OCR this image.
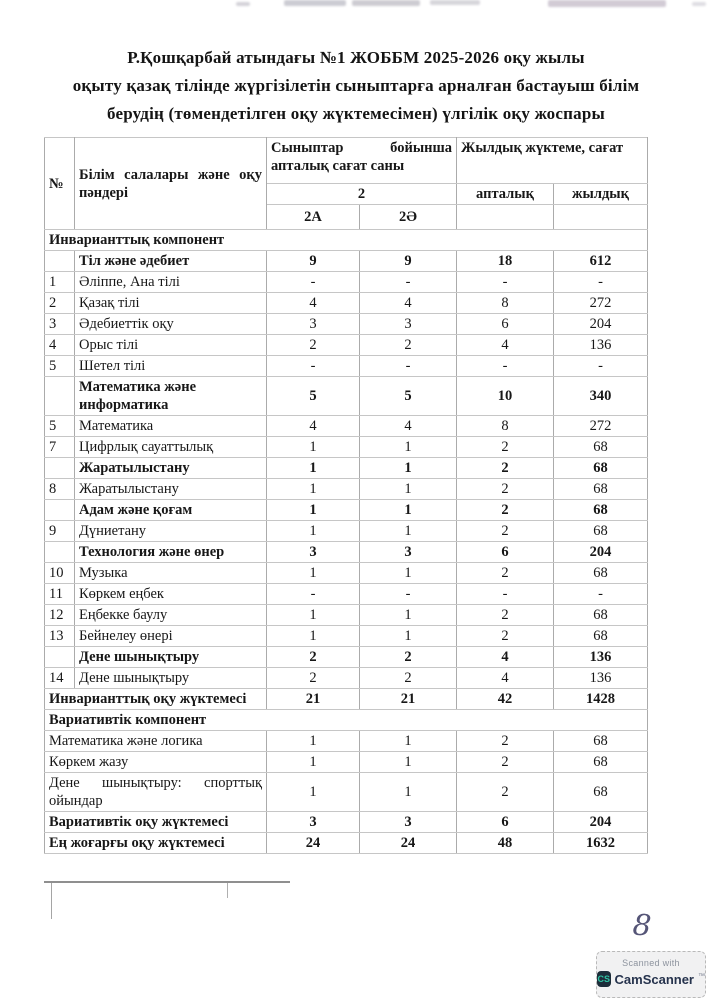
Р.Қошқарбай атындағы №1 ЖОББМ 2025-2026 оқу жылы
оқыту қазақ тілінде жүргізілетін сыныптарға арналған бастауыш білім
берудің (төмендетілген оқу жүктемесімен) үлгілік оқу жоспары
№	Білім салалары және оқу пәндері	Сыныптар бойынша апталық сағат саны		Жылдық жүктеме, сағат	
		2		апталық	жылдық
		2А	2Ә		
Инварианттық компонент					
	Тіл және әдебиет	9	9	18	612
1	Әліппе, Ана тілі	-	-	-	-
2	Қазақ тілі	4	4	8	272
3	Әдебиеттік оқу	3	3	6	204
4	Орыс тілі	2	2	4	136
5	Шетел тілі	-	-	-	-
	Математика және информатика	5	5	10	340
5	Математика	4	4	8	272
7	Цифрлық сауаттылық	1	1	2	68
	Жаратылыстану	1	1	2	68
8	Жаратылыстану	1	1	2	68
	Адам және қоғам	1	1	2	68
9	Дүниетану	1	1	2	68
	Технология және өнер	3	3	6	204
10	Музыка	1	1	2	68
11	Көркем еңбек	-	-	-	-
12	Еңбекке баулу	1	1	2	68
13	Бейнелеу өнері	1	1	2	68
	Дене шынықтыру	2	2	4	136
14	Дене шынықтыру	2	2	4	136
Инварианттық оқу жүктемесі		21	21	42	1428
Вариативтік компонент					
Математика және логика		1	1	2	68
Көркем жазу		1	1	2	68
Дене шынықтыру: спорттық ойындар		1	1	2	68
Вариативтік оқу жүктемесі		3	3	6	204
Ең жоғарғы оқу жүктемесі		24	24	48	1632
8
Scanned with
CS CamScanner ™
